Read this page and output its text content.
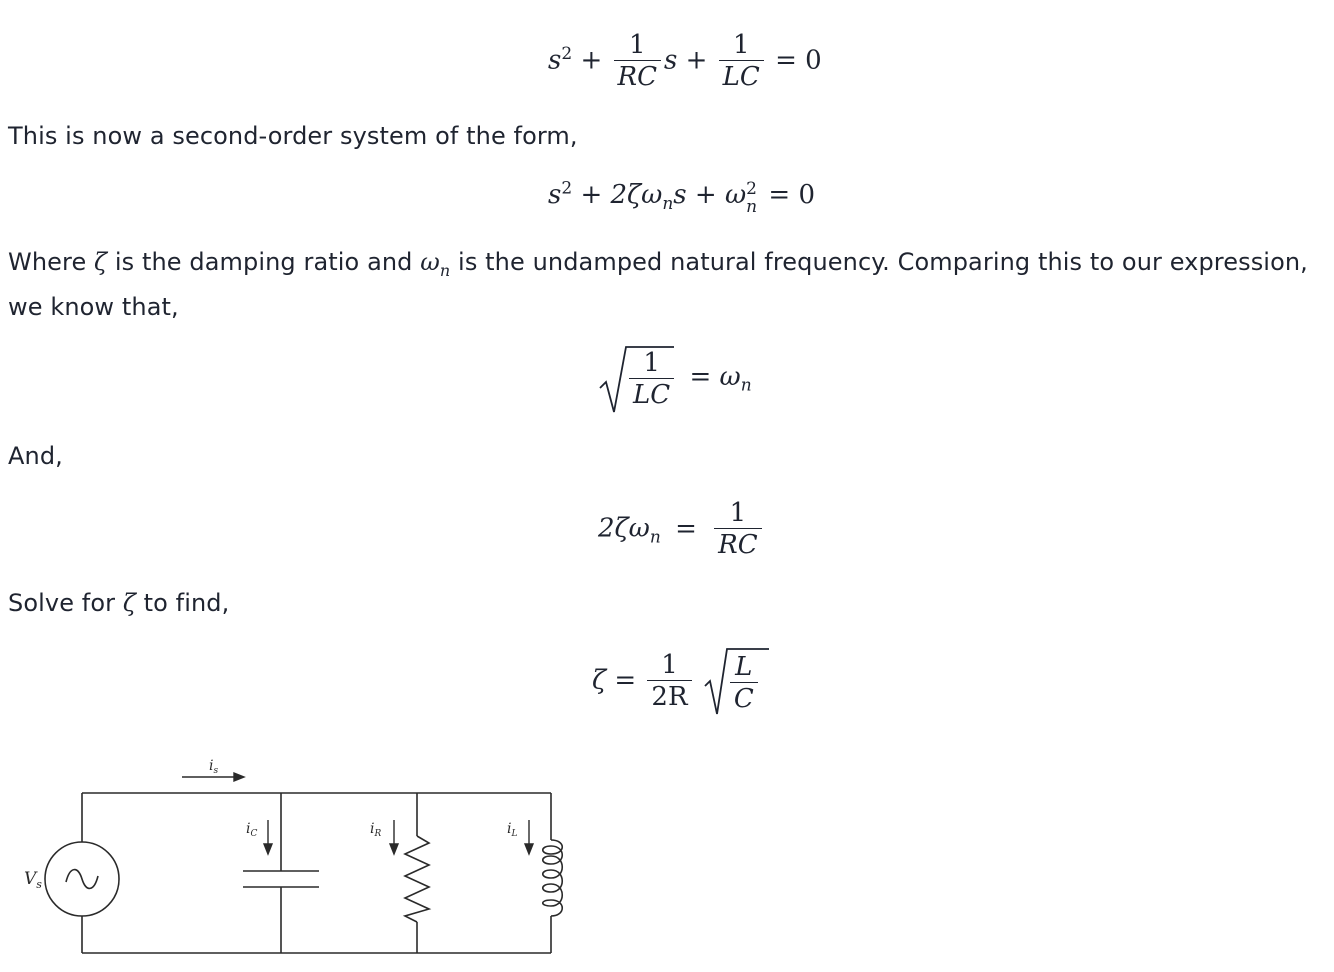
$s^2 + \frac{1}{RC}$ $s + \frac{1}{LC} = 0$
This is now a second-order system of the form,
$s^2 + 2\zeta\omega_ns + \omega$ 2
n = 0
Where ζ is the damping ratio and $\omega_n$ is the undamped natural frequency. Comparing this to our expression, we know that,
$\frac{1}{LC} = \omega_n$
And,
$2\zeta\omega_n = \frac{1}{RC}$
Solve for ζ to find,
$\zeta = \frac{1}{2R}$
$\frac{L}{C}$
$V_s$
$i_s$
$i_C$	$i_R$	$i_L$
